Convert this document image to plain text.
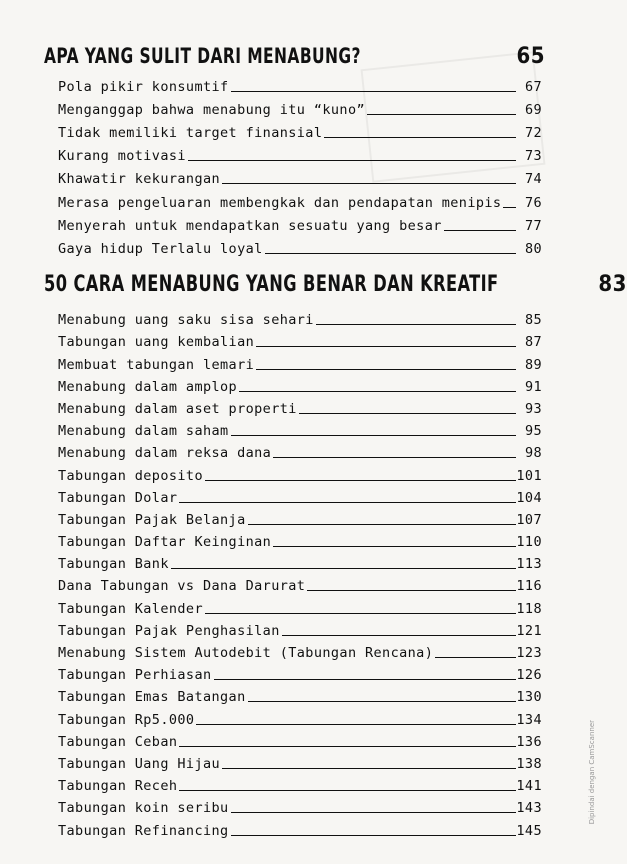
APA YANG SULIT DARI MENABUNG?	65
Pola pikir konsumtif	67
Menganggap bahwa menabung itu “kuno”	69
Tidak memiliki target finansial	72
Kurang motivasi	73
Khawatir kekurangan	74
Merasa pengeluaran membengkak dan pendapatan menipis	76
Menyerah untuk mendapatkan sesuatu yang besar	77
Gaya hidup Terlalu loyal	80
50 CARA MENABUNG YANG BENAR DAN KREATIF	83
Menabung uang saku sisa sehari	85
Tabungan uang kembalian	87
Membuat tabungan lemari	89
Menabung dalam amplop	91
Menabung dalam aset properti	93
Menabung dalam saham	95
Menabung dalam reksa dana	98
Tabungan deposito	101
Tabungan Dolar	104
Tabungan Pajak Belanja	107
Tabungan Daftar Keinginan	110
Tabungan Bank	113
Dana Tabungan vs Dana Darurat	116
Tabungan Kalender	118
Tabungan Pajak Penghasilan	121
Menabung Sistem Autodebit (Tabungan Rencana)	123
Tabungan Perhiasan	126
Tabungan Emas Batangan	130
Tabungan Rp5.000	134
Tabungan Ceban	136
Tabungan Uang Hijau	138
Tabungan Receh	141
Tabungan koin seribu	143
Tabungan Refinancing	145
Dipindai dengan CamScanner
